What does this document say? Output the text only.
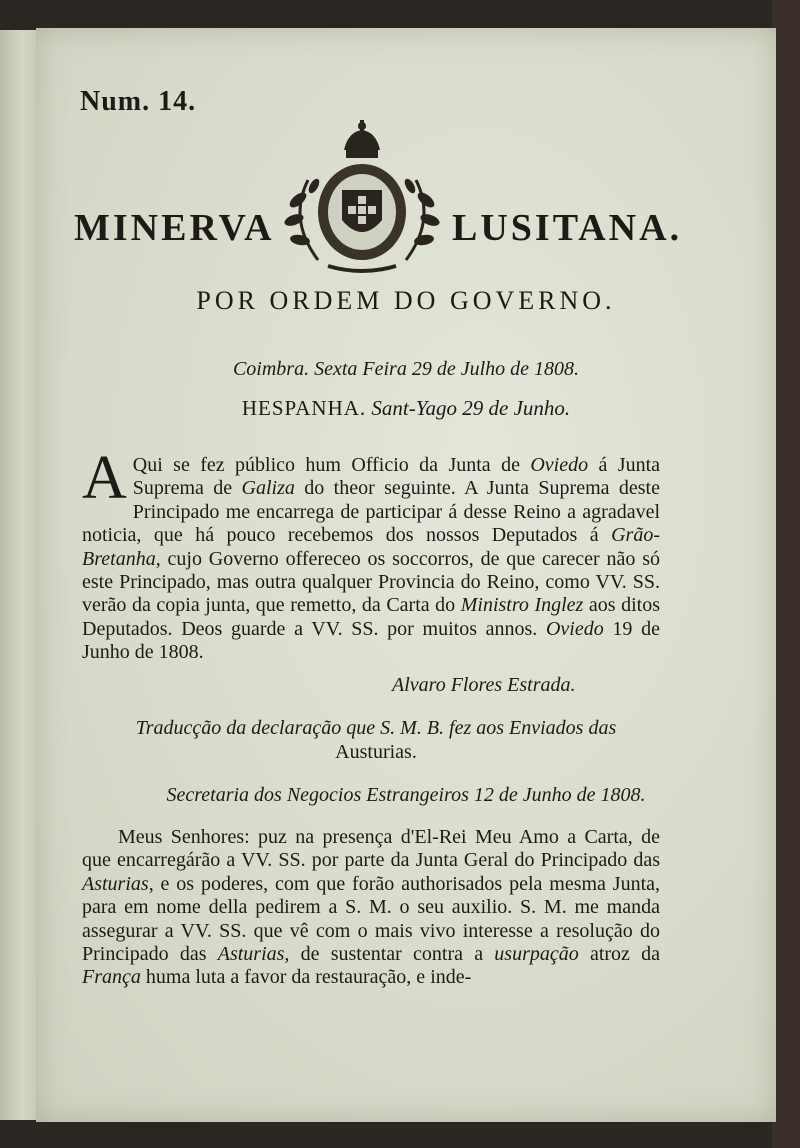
Num. 14.
MINERVA	LUSITANA.
POR ORDEM DO GOVERNO.
Coimbra. Sexta Feira 29 de Julho de 1808.
HESPANHA. Sant-Yago 29 de Junho.
A Qui se fez público hum Officio da Junta de Oviedo á Junta Suprema de Galiza do theor seguinte. A Junta Suprema deste Principado me encarrega de participar á desse Reino a agradavel noticia, que há pouco recebemos dos nossos Deputados á Grão-Bretanha, cujo Governo offereceo os soccorros, de que carecer não só este Principado, mas outra qualquer Provincia do Reino, como VV. SS. verão da copia junta, que remetto, da Carta do Ministro Inglez aos ditos Deputados. Deos guarde a VV. SS. por muitos annos. Oviedo 19 de Junho de 1808.
Alvaro Flores Estrada.
Traducção da declaração que S. M. B. fez aos Enviados das Austurias.
Secretaria dos Negocios Estrangeiros 12 de Junho de 1808.
Meus Senhores: puz na presença d'El-Rei Meu Amo a Carta, de que encarregárão a VV. SS. por parte da Junta Geral do Principado das Asturias, e os poderes, com que forão authorisados pela mesma Junta, para em nome della pedirem a S. M. o seu auxilio. S. M. me manda assegurar a VV. SS. que vê com o mais vivo interesse a resolução do Principado das Asturias, de sustentar contra a usurpação atroz da França huma luta a favor da restauração, e inde-
